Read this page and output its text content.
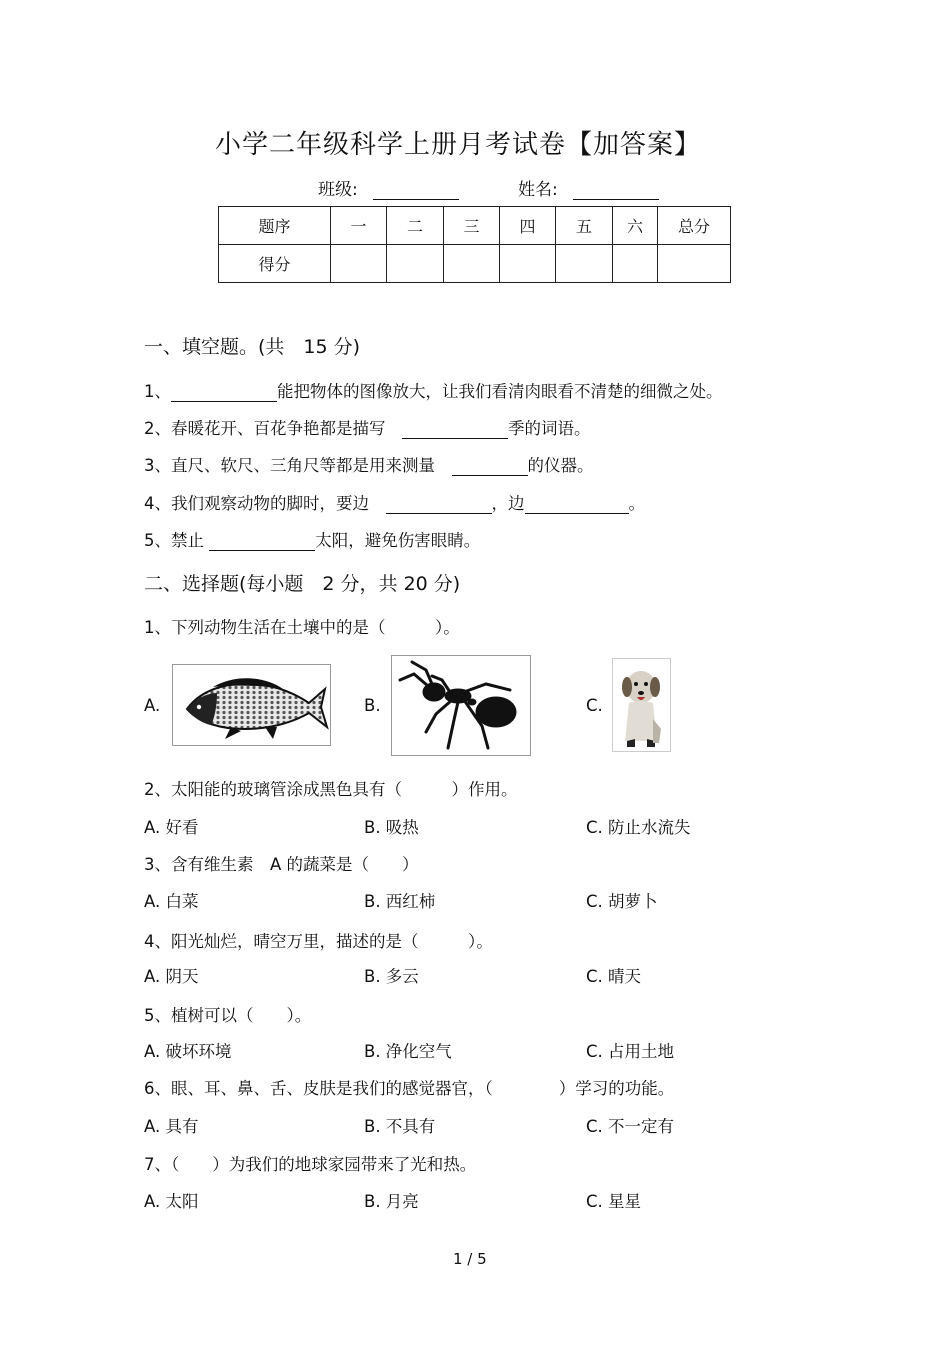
小学二年级科学上册月考试卷【加答案】
班级:	姓名:
题序	一	二	三	四	五	六	总分
得分							
一、填空题。(共　15 分)
1、	能把物体的图像放大，让我们看清肉眼看不清楚的细微之处。
2、春暖花开、百花争艳都是描写　	季的词语。
3、直尺、软尺、三角尺等都是用来测量　	的仪器。
4、我们观察动物的脚时，要边　	，边	。
5、禁止	太阳，避免伤害眼睛。
二、选择题(每小题　2 分，共 20 分)
1、下列动物生活在土壤中的是（　　　）。
A.	B.	C.
2、太阳能的玻璃管涂成黑色具有（　　　）作用。
A. 好看	B. 吸热	C. 防止水流失
3、含有维生素　A 的蔬菜是（　　）
A. 白菜	B. 西红柿	C. 胡萝卜
4、阳光灿烂，晴空万里，描述的是（　　　）。
A. 阴天	B. 多云	C. 晴天
5、植树可以（　　）。
A. 破坏环境	B. 净化空气	C. 占用土地
6、眼、耳、鼻、舌、皮肤是我们的感觉器官，（　　　　）学习的功能。
A. 具有	B. 不具有	C. 不一定有
7、（　　）为我们的地球家园带来了光和热。
A. 太阳	B. 月亮	C. 星星
1 / 5
